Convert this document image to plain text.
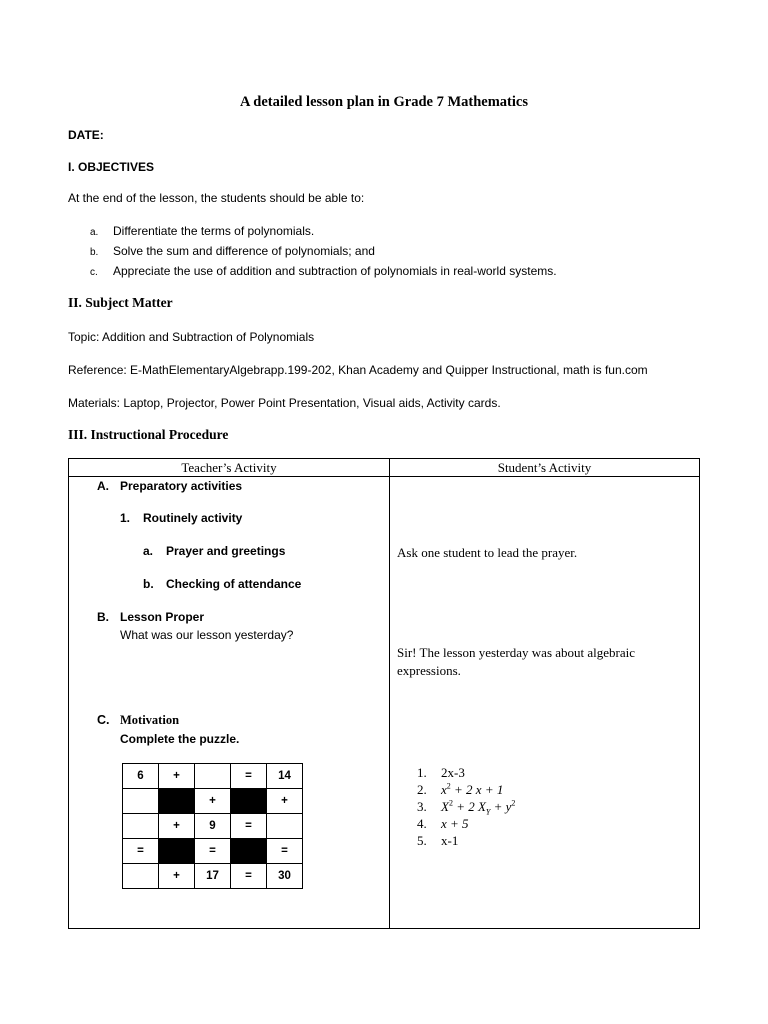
A detailed lesson plan in Grade 7 Mathematics
DATE:
I. OBJECTIVES
At the end of the lesson, the students should be able to:
a. Differentiate the terms of polynomials.
b. Solve the sum and difference of polynomials; and
c. Appreciate the use of addition and subtraction of polynomials in real-world systems.
II. Subject Matter
Topic: Addition and Subtraction of Polynomials
Reference: E-MathElementaryAlgebrapp.199-202, Khan Academy and Quipper Instructional, math is fun.com
Materials: Laptop, Projector, Power Point Presentation, Visual aids, Activity cards.
III. Instructional Procedure
Teacher’s Activity	Student’s Activity
A. Preparatory activities
1. Routinely activity
a. Prayer and greetings
b. Checking of attendance
B. Lesson Proper
What was our lesson yesterday?
C. Motivation
Complete the puzzle.
6	+		=	14
		+		+
	+	9	=	
=		=		=
	+	17	=	30
Ask one student to lead the prayer.
Sir! The lesson yesterday was about algebraic
expressions.
1. 2x-3
2. $x^2 + 2$ x + 1
3. $X^2 + 2$ $X_Y + y^2$
4. x + 5
5. x-1
